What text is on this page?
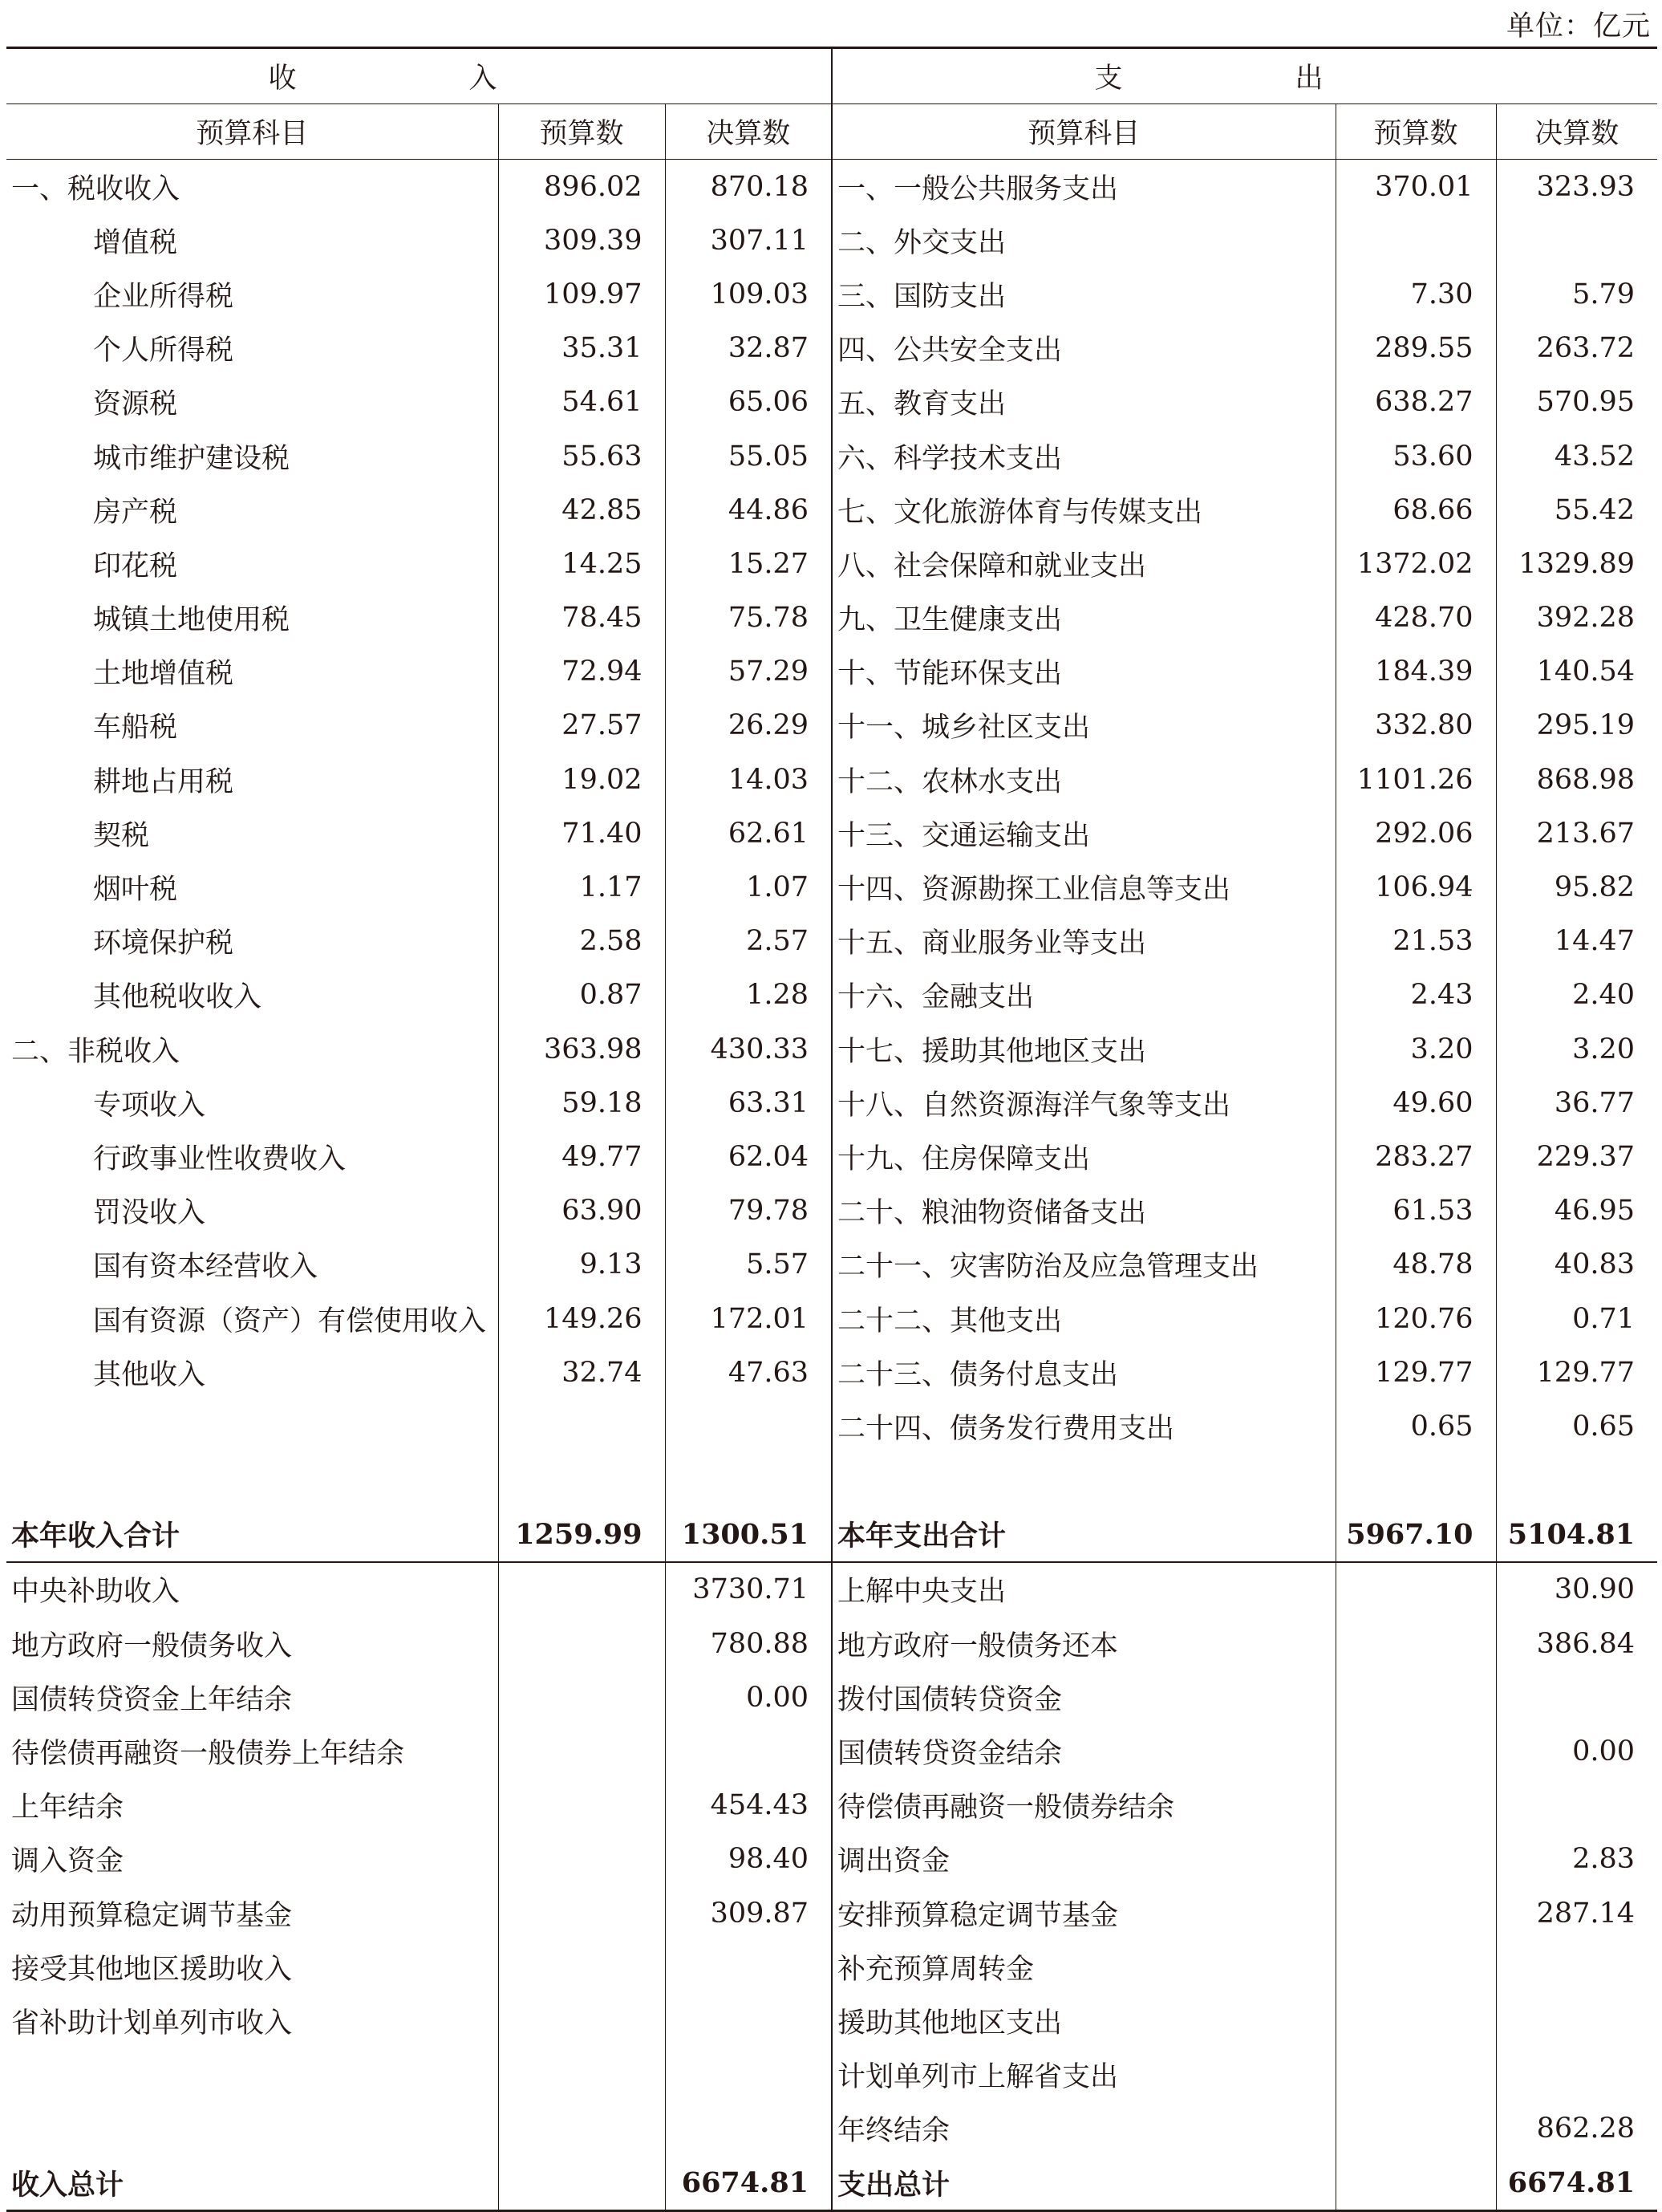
单位：亿元
收　入			支　出		
预算科目	预算数	决算数	预算科目	预算数	决算数
一、税收收入	896.02	870.18	一、一般公共服务支出	370.01	323.93
增值税	309.39	307.11	二、外交支出		
企业所得税	109.97	109.03	三、国防支出	7.30	5.79
个人所得税	35.31	32.87	四、公共安全支出	289.55	263.72
资源税	54.61	65.06	五、教育支出	638.27	570.95
城市维护建设税	55.63	55.05	六、科学技术支出	53.60	43.52
房产税	42.85	44.86	七、文化旅游体育与传媒支出	68.66	55.42
印花税	14.25	15.27	八、社会保障和就业支出	1372.02	1329.89
城镇土地使用税	78.45	75.78	九、卫生健康支出	428.70	392.28
土地增值税	72.94	57.29	十、节能环保支出	184.39	140.54
车船税	27.57	26.29	十一、城乡社区支出	332.80	295.19
耕地占用税	19.02	14.03	十二、农林水支出	1101.26	868.98
契税	71.40	62.61	十三、交通运输支出	292.06	213.67
烟叶税	1.17	1.07	十四、资源勘探工业信息等支出	106.94	95.82
环境保护税	2.58	2.57	十五、商业服务业等支出	21.53	14.47
其他税收收入	0.87	1.28	十六、金融支出	2.43	2.40
二、非税收入	363.98	430.33	十七、援助其他地区支出	3.20	3.20
专项收入	59.18	63.31	十八、自然资源海洋气象等支出	49.60	36.77
行政事业性收费收入	49.77	62.04	十九、住房保障支出	283.27	229.37
罚没收入	63.90	79.78	二十、粮油物资储备支出	61.53	46.95
国有资本经营收入	9.13	5.57	二十一、灾害防治及应急管理支出	48.78	40.83
国有资源（资产）有偿使用收入	149.26	172.01	二十二、其他支出	120.76	0.71
其他收入	32.74	47.63	二十三、债务付息支出	129.77	129.77
			二十四、债务发行费用支出	0.65	0.65

本年收入合计	1259.99	1300.51	本年支出合计	5967.10	5104.81
中央补助收入		3730.71	上解中央支出		30.90
地方政府一般债务收入		780.88	地方政府一般债务还本		386.84
国债转贷资金上年结余		0.00	拨付国债转贷资金		
待偿债再融资一般债券上年结余			国债转贷资金结余		0.00
上年结余		454.43	待偿债再融资一般债券结余		
调入资金		98.40	调出资金		2.83
动用预算稳定调节基金		309.87	安排预算稳定调节基金		287.14
接受其他地区援助收入			补充预算周转金		
省补助计划单列市收入			援助其他地区支出		
			计划单列市上解省支出		
			年终结余		862.28
收入总计		6674.81	支出总计		6674.81
